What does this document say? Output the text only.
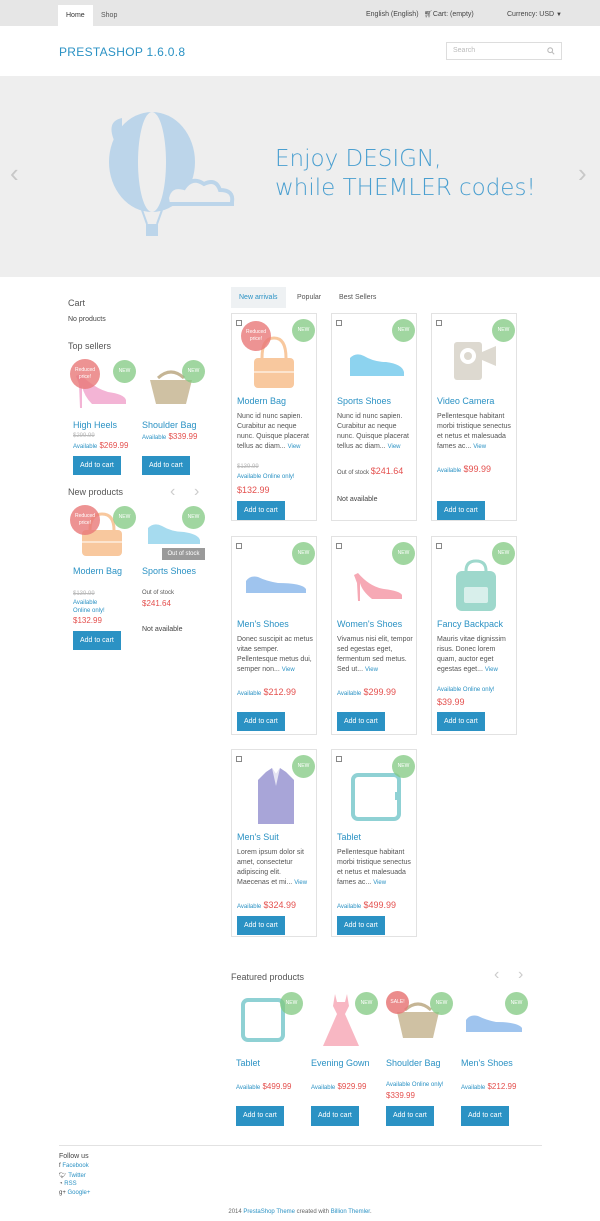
Home	Shop	English (English) 🛒︎Cart: (empty)	Currency: USD ▼
PRESTASHOP 1.6.0.8	Search
‹	›
Enjoy DESIGN,
while THEMLER codes!
Cart
No products
Top sellers
Reduced price!
NEW	NEW
High Heels
$299.99
Available $269.99
Add to cart
Shoulder Bag
Available $339.99
Add to cart
New products	‹ ›
Reduced price!
NEW	NEW
Out of stock
Modern Bag
$139.99
Available Online only!
$132.99
Add to cart
Sports Shoes
Out of stock
$241.64
Not available
New arrivals	Popular	Best Sellers
Reduced price!
NEW
Modern Bag
Nunc id nunc sapien. Curabitur ac neque nunc. Quisque placerat tellus ac diam... View
$139.99
Available Online only!
$132.99
Add to cart
NEW
Sports Shoes
Nunc id nunc sapien. Curabitur ac neque nunc. Quisque placerat tellus ac diam... View
Out of stock $241.64
Not available
NEW
Video Camera
Pellentesque habitant morbi tristique senectus et netus et malesuada fames ac... View
Available $99.99
Add to cart
NEW
Men's Shoes
Donec suscipit ac metus vitae semper. Pellentesque metus dui, semper non... View
Available $212.99
Add to cart
NEW
Women's Shoes
Vivamus nisi elit, tempor sed egestas eget, fermentum sed metus. Sed ut... View
Available $299.99
Add to cart
NEW
Fancy Backpack
Mauris vitae dignissim risus. Donec lorem quam, auctor eget egestas eget... View
Available Online only!
$39.99
Add to cart
NEW
Men's Suit
Lorem ipsum dolor sit amet, consectetur adipiscing elit. Maecenas et mi... View
Available $324.99
Add to cart
NEW
Tablet
Pellentesque habitant morbi tristique senectus et netus et malesuada fames ac... View
Available $499.99
Add to cart
Featured products	‹ ›
NEW
Tablet
Available $499.99
Add to cart
NEW
Evening Gown
Available $929.99
Add to cart
SALE!	NEW
Shoulder Bag
Available Online only!
$339.99
Add to cart
NEW
Men's Shoes
Available $212.99
Add to cart
Follow us
f Facebook
🐦︎ Twitter
◔ RSS
g+ Google+
2014 PrestaShop Theme created with Billion Themler.
